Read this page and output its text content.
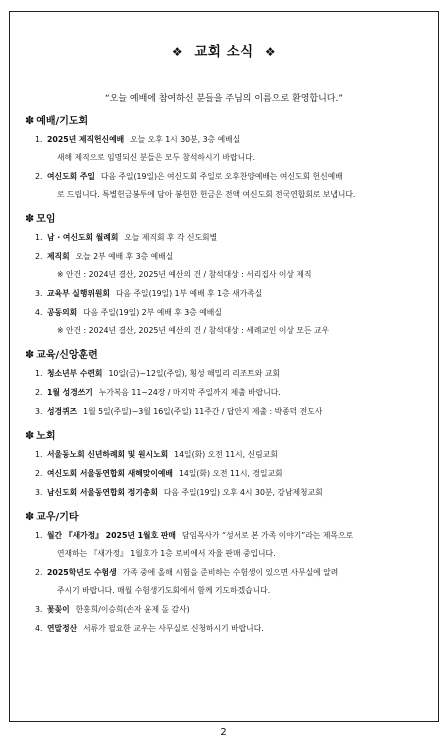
❖ 교회 소식 ❖
“오늘 예배에 참여하신 분들을 주님의 이름으로 환영합니다.”
✽ 예배/기도회
1. 2025년 제직헌신예배 오늘 오후 1시 30분, 3층 예배실
새해 제직으로 임명되신 분들은 모두 참석하시기 바랍니다.
2. 여신도회 주일 다음 주일(19일)은 여신도회 주일로 오후찬양예배는 여신도회 헌신예배
로 드립니다. 특별헌금봉투에 담아 봉헌한 헌금은 전액 여신도회 전국연합회로 보냅니다.
✽ 모임
1. 남 · 여신도회 월례회 오늘 제직회 후 각 신도회별
2. 제직회 오늘 2부 예배 후 3층 예배실
※ 안건 : 2024년 결산, 2025년 예산의 건 / 참석대상 : 서리집사 이상 제직
3. 교육부 실행위원회 다음 주일(19일) 1부 예배 후 1층 새가족실
4. 공동의회 다음 주일(19일) 2부 예배 후 3층 예배실
※ 안건 : 2024년 결산, 2025년 예산의 건 / 참석대상 : 세례교인 이상 모든 교우
✽ 교육/신앙훈련
1. 청소년부 수련회 10일(금)~12일(주일), 횡성 해밀리 리조트와 교회
2. 1월 성경쓰기 누가복음 11~24장 / 마지막 주일까지 제출 바랍니다.
3. 성경퀴즈 1월 5일(주일)~3월 16일(주일) 11주간 / 답안지 제출 : 박종덕 전도사
✽ 노회
1. 서울동노회 신년하례회 및 원시노회 14일(화) 오전 11시, 신림교회
2. 여신도회 서울동연합회 새해맞이예배 14일(화) 오전 11시, 경일교회
3. 남신도회 서울동연합회 정기총회 다음 주일(19일) 오후 4시 30분, 강남제청교회
✽ 교우/기타
1. 월간 『새가정』 2025년 1월호 판매 담임목사가 “성서로 본 가족 이야기”라는 제목으로
연재하는 『새가정』 1월호가 1층 로비에서 자율 판매 중입니다.
2. 2025학년도 수험생 가족 중에 올해 시험을 준비하는 수험생이 있으면 사무실에 알려
주시기 바랍니다. 매월 수험생기도회에서 함께 기도하겠습니다.
3. 꽃꽂이 한홍희/이승희(손자 윤제 돌 감사)
4. 연말정산 서류가 필요한 교우는 사무실로 신청하시기 바랍니다.
2
